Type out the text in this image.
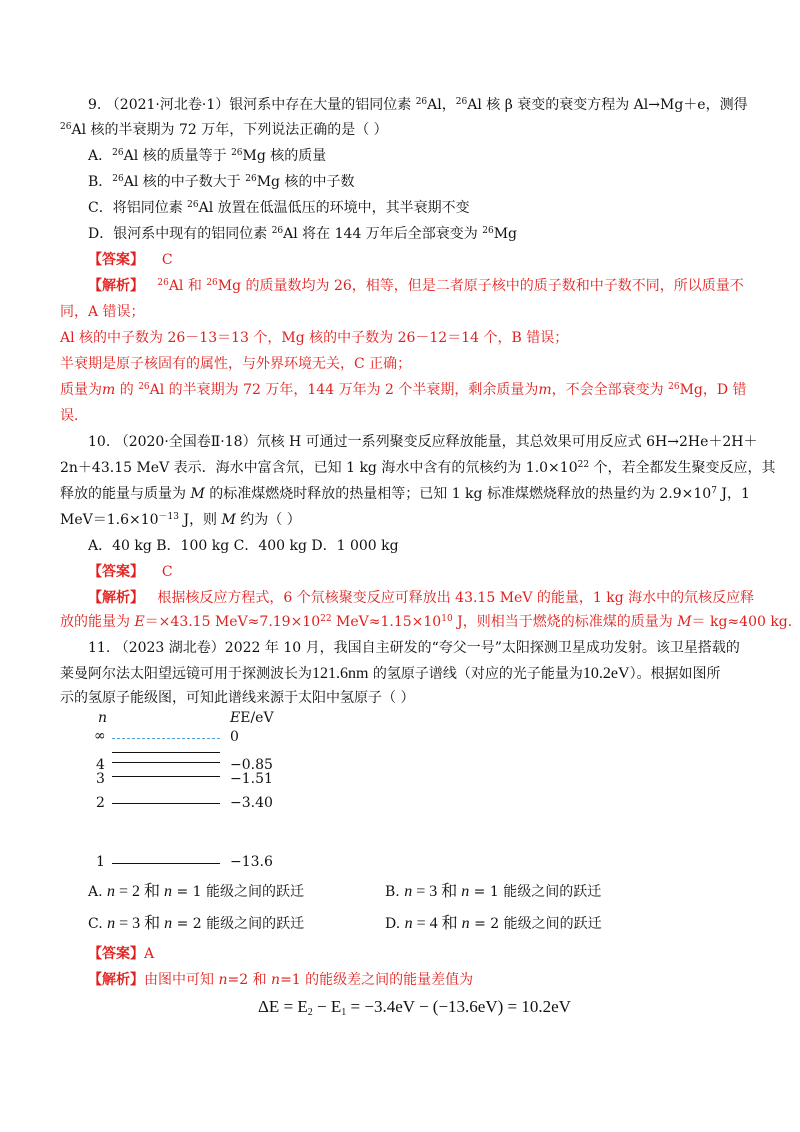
9. （2021·河北卷·1）银河系中存在大量的铝同位素 $^{26}$Al，$^{26}$Al 核 β 衰变的衰变方程为 Al→Mg＋e，测得
$^{26}$Al 核的半衰期为 72 万年，下列说法正确的是（ ）
A．$^{26}$Al 核的质量等于 $^{26}$Mg 核的质量
B．$^{26}$Al 核的中子数大于 $^{26}$Mg 核的中子数
C．将铝同位素 $^{26}$Al 放置在低温低压的环境中，其半衰期不变
D．银河系中现有的铝同位素 $^{26}$Al 将在 144 万年后全部衰变为 $^{26}$Mg
【答案】 C
【解析】 $^{26}$Al 和 $^{26}$Mg 的质量数均为 26，相等，但是二者原子核中的质子数和中子数不同，所以质量不
同，A 错误；
Al 核的中子数为 26－13＝13 个，Mg 核的中子数为 26－12＝14 个，B 错误；
半衰期是原子核固有的属性，与外界环境无关，C 正确；
质量为m 的 $^{26}$Al 的半衰期为 72 万年，144 万年为 2 个半衰期，剩余质量为m，不会全部衰变为 $^{26}$Mg，D 错
误．
10. （2020·全国卷Ⅱ·18）氘核 H 可通过一系列聚变反应释放能量，其总效果可用反应式 6H→2He＋2H＋
2n＋43.15 MeV 表示．海水中富含氘，已知 1 kg 海水中含有的氘核约为 $1.0\times 10^{22}$ 个，若全都发生聚变反应，其
释放的能量与质量为 M 的标准煤燃烧时释放的热量相等；已知 1 kg 标准煤燃烧释放的热量约为 $2.9\times 10^7$ J，1
$MeV=1.6\times 10^{-13}$ J，则 M 约为（ ）
A．40 kg B．100 kg C．400 kg D．1 000 kg
【答案】 C
【解析】 根据核反应方程式，6 个氘核聚变反应可释放出 43.15 MeV 的能量，1 kg 海水中的氘核反应释
放的能量为 E＝×43.15 $MeV\approx 7.19\times 10^{22}$ $MeV\approx 1.15\times 10^{10}$ J，则相当于燃烧的标准煤的质量为 M＝ kg≈400 kg.
11. （2023 湖北卷）2022 年 10 月，我国自主研发的“夸父一号”太阳探测卫星成功发射。该卫星搭载的
莱曼阿尔法太阳望远镜可用于探测波长为121.6nm 的氢原子谱线（对应的光子能量为10.2eV）。根据如图所
示的氢原子能级图，可知此谱线来源于太阳中氢原子（ ）
n	EE/eV
∞	0
4	−0.85
3	−1.51
2	−3.40
1	−13.6
A. n = 2 和 n = 1 能级之间的跃迁	B. n = 3 和 n = 1 能级之间的跃迁
C. n = 3 和 n = 2 能级之间的跃迁	D. n = 4 和 n = 2 能级之间的跃迁
【答案】A
【解析】由图中可知 n=2 和 n=1 的能级差之间的能量差值为
$\Delta E = E_2 - E_1 = -3.4eV - (-13.6eV) = 10.2eV$
